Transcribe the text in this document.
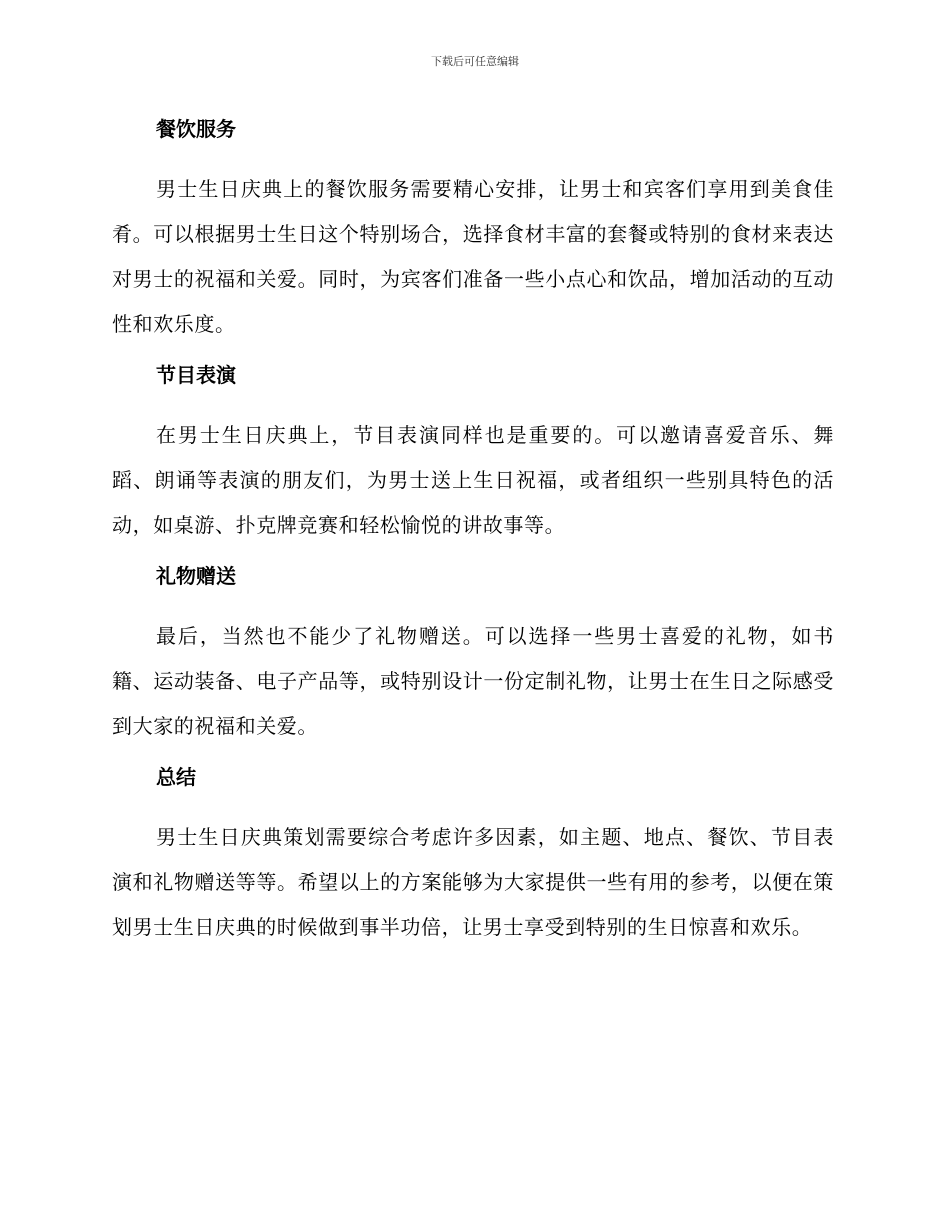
下载后可任意编辑
餐饮服务

男士生日庆典上的餐饮服务需要精心安排，让男士和宾客们享用到美食佳肴。可以根据男士生日这个特别场合，选择食材丰富的套餐或特别的食材来表达对男士的祝福和关爱。同时，为宾客们准备一些小点心和饮品，增加活动的互动性和欢乐度。

节目表演

在男士生日庆典上，节目表演同样也是重要的。可以邀请喜爱音乐、舞蹈、朗诵等表演的朋友们，为男士送上生日祝福，或者组织一些别具特色的活动，如桌游、扑克牌竞赛和轻松愉悦的讲故事等。

礼物赠送

最后，当然也不能少了礼物赠送。可以选择一些男士喜爱的礼物，如书籍、运动装备、电子产品等，或特别设计一份定制礼物，让男士在生日之际感受到大家的祝福和关爱。

总结

男士生日庆典策划需要综合考虑许多因素，如主题、地点、餐饮、节目表演和礼物赠送等等。希望以上的方案能够为大家提供一些有用的参考，以便在策划男士生日庆典的时候做到事半功倍，让男士享受到特别的生日惊喜和欢乐。
